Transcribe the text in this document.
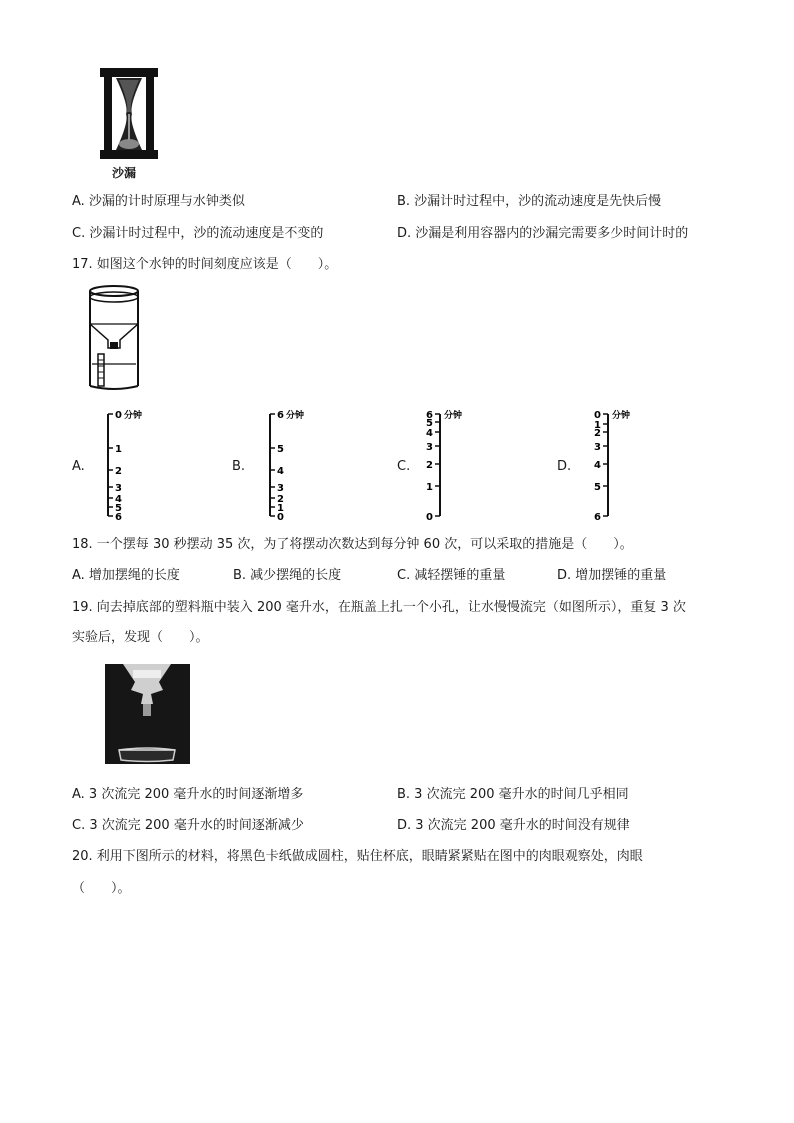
沙漏
A. 沙漏的计时原理与水钟类似	B. 沙漏计时过程中，沙的流动速度是先快后慢
C. 沙漏计时过程中，沙的流动速度是不变的	D. 沙漏是利用容器内的沙漏完需要多少时间计时的
17. 如图这个水钟的时间刻度应该是（　　）。
A.	B.	C.	D.
0
1
2
3
4
5
6
分钟	6
5
4
3
2
1
0
分钟	6
5
4
3
2
1
0
分钟	0
1
2
3
4
5
6
分钟
18. 一个摆每 30 秒摆动 35 次，为了将摆动次数达到每分钟 60 次，可以采取的措施是（　　）。
A. 增加摆绳的长度	B. 减少摆绳的长度	C. 减轻摆锤的重量	D. 增加摆锤的重量
19. 向去掉底部的塑料瓶中装入 200 毫升水，在瓶盖上扎一个小孔，让水慢慢流完（如图所示），重复 3 次
实验后，发现（　　）。
A. 3 次流完 200 毫升水的时间逐渐增多	B. 3 次流完 200 毫升水的时间几乎相同
C. 3 次流完 200 毫升水的时间逐渐减少	D. 3 次流完 200 毫升水的时间没有规律
20. 利用下图所示的材料，将黑色卡纸做成圆柱，贴住杯底，眼睛紧紧贴在图中的肉眼观察处，肉眼
（　　）。
